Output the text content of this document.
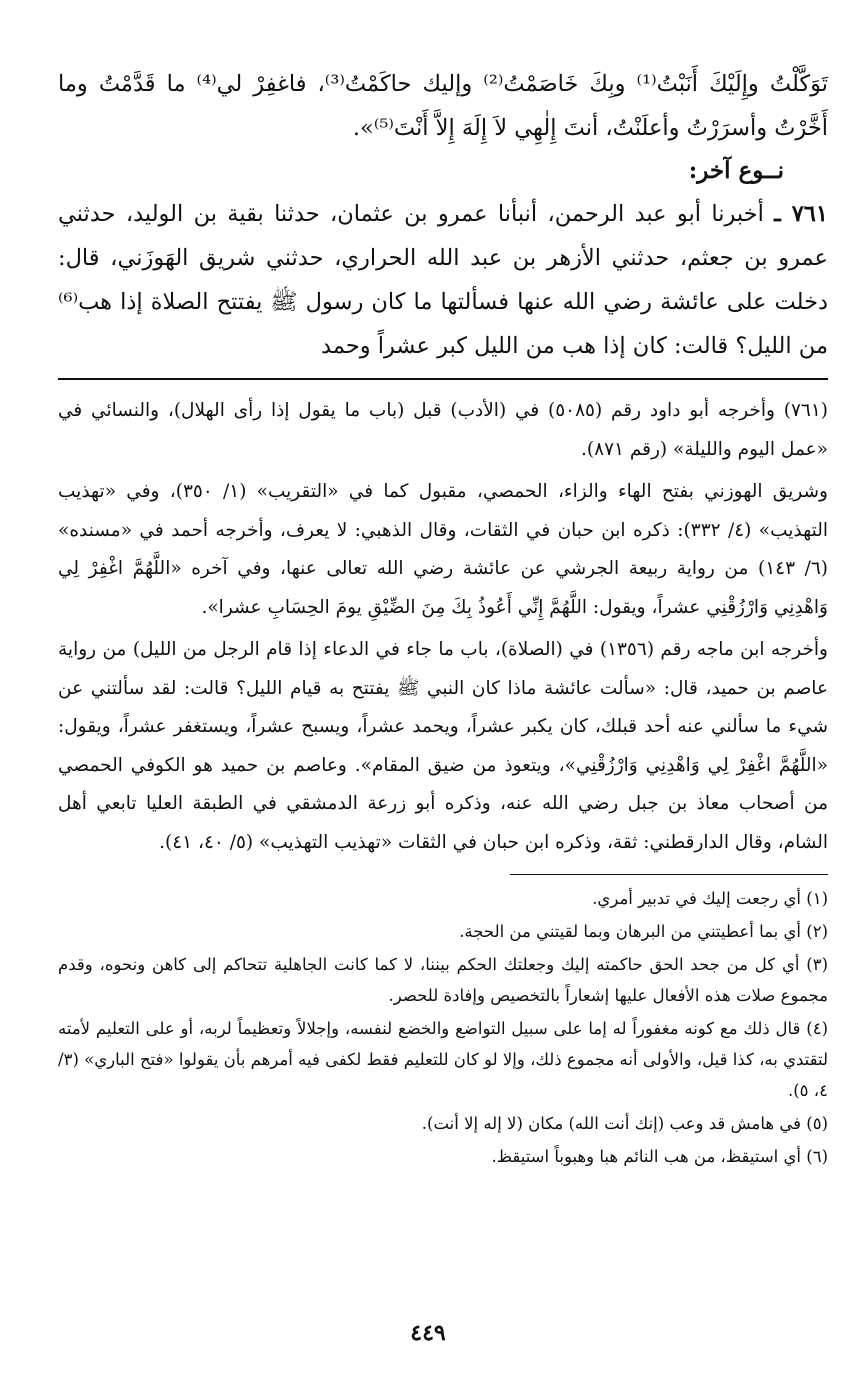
تَوَكَّلْتُ وإِلَيْكَ أَنَبْتُ⁽¹⁾ وبِكَ خَاصَمْتُ⁽²⁾ وإليك حاكَمْتُ⁽³⁾، فاغفِرْ لي⁽⁴⁾ ما قَدَّمْتُ وما أَخَّرْتُ وأسرَرْتُ وأعلَنْتُ، أنتَ إِلٰهِي لاَ إِلَهَ إِلاَّ أَنْتَ⁽⁵⁾».

نــوع آخر:

٧٦١ ـ أخبرنا أبو عبد الرحمن، أنبأنا عمرو بن عثمان، حدثنا بقية بن الوليد، حدثني عمرو بن جعثم، حدثني الأزهر بن عبد الله الحراري، حدثني شريق الهَوزَني، قال: دخلت على عائشة رضي الله عنها فسألتها ما كان رسول ﷺ يفتتح الصلاة إذا هب⁽⁶⁾ من الليل؟ قالت: كان إذا هب من الليل كبر عشراً وحمد

(٧٦١) وأخرجه أبو داود رقم (٥٠٨٥) في (الأدب) قبل (باب ما يقول إذا رأى الهلال)، والنسائي في «عمل اليوم والليلة» (رقم ٨٧١).

وشريق الهوزني بفتح الهاء والزاء، الحمصي، مقبول كما في «التقريب» (١/ ٣٥٠)، وفي «تهذيب التهذيب» (٤/ ٣٣٢): ذكره ابن حبان في الثقات، وقال الذهبي: لا يعرف، وأخرجه أحمد في «مسنده» (٦/ ١٤٣) من رواية ربيعة الجرشي عن عائشة رضي الله تعالى عنها، وفي آخره «اللَّهُمَّ اغْفِرْ لِي وَاهْدِنِي وَارْزُقْنِي عشراً، ويقول: اللَّهُمَّ إِنِّي أَعُوذُ بِكَ مِنَ الضِّيْقِ يومَ الحِسَابِ عشرا».

وأخرجه ابن ماجه رقم (١٣٥٦) في (الصلاة)، باب ما جاء في الدعاء إذا قام الرجل من الليل) من رواية عاصم بن حميد، قال: «سألت عائشة ماذا كان النبي ﷺ يفتتح به قيام الليل؟ قالت: لقد سألتني عن شيء ما سألني عنه أحد قبلك، كان يكبر عشراً، ويحمد عشراً، ويسبح عشراً، ويستغفر عشراً، ويقول: «اللَّهُمَّ اغْفِرْ لِي وَاهْدِنِي وَارْزُقْنِي»، ويتعوذ من ضيق المقام». وعاصم بن حميد هو الكوفي الحمصي من أصحاب معاذ بن جبل رضي الله عنه، وذكره أبو زرعة الدمشقي في الطبقة العليا تابعي أهل الشام، وقال الدارقطني: ثقة، وذكره ابن حبان في الثقات «تهذيب التهذيب» (٥/ ٤٠، ٤١).

(١) أي رجعت إليك في تدبير أمري.

(٢) أي بما أعطيتني من البرهان وبما لقيتني من الحجة.

(٣) أي كل من جحد الحق حاكمته إليك وجعلتك الحكم بيننا، لا كما كانت الجاهلية تتحاكم إلى كاهن ونحوه، وقدم مجموع صلات هذه الأفعال عليها إشعاراً بالتخصيص وإفادة للحصر.

(٤) قال ذلك مع كونه مغفوراً له إما على سبيل التواضع والخضع لنفسه، وإجلالاً وتعظيماً لربه، أو على التعليم لأمته لتقتدي به، كذا قيل، والأولى أنه مجموع ذلك، وإلا لو كان للتعليم فقط لكفى فيه أمرهم بأن يقولوا «فتح الباري» (٣/ ٤، ٥).

(٥) في هامش قد وعب (إنك أنت الله) مكان (لا إله إلا أنت).

(٦) أي استيقظ، من هب النائم هبا وهبوباً استيقظ.

٤٤٩
